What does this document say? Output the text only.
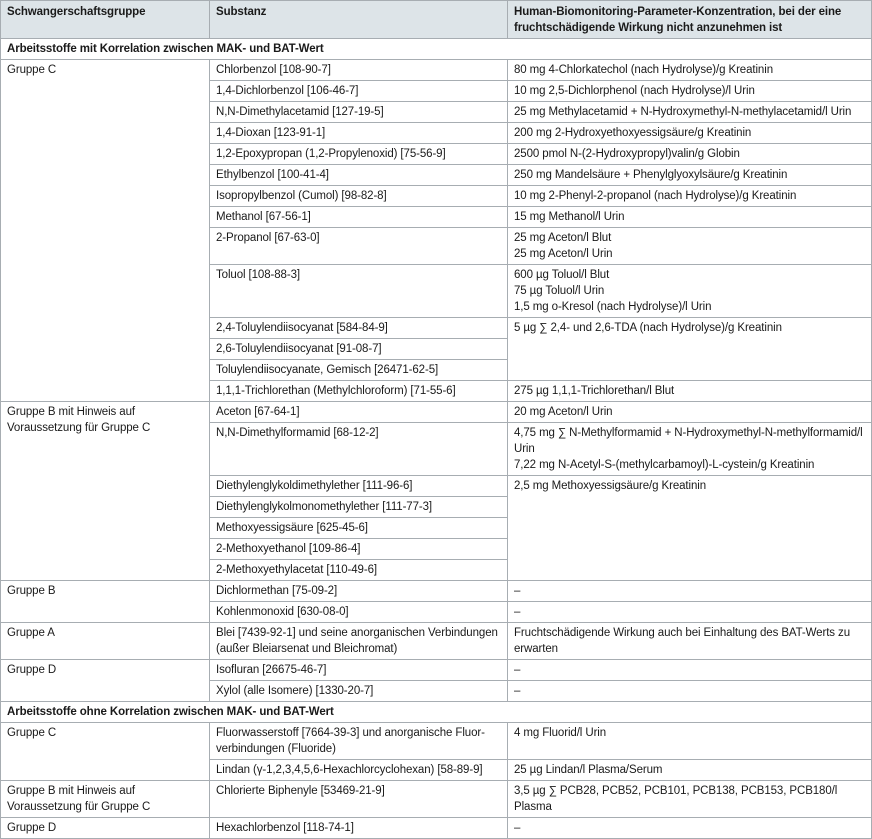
Schwangerschaftsgruppe	Substanz	Human-Biomonitoring-Parameter-Konzentration, bei der eine fruchtschädigende Wirkung nicht anzunehmen ist
Arbeitsstoffe mit Korrelation zwischen MAK- und BAT-Wert		
Gruppe C	Chlorbenzol [108-90-7]	80 mg 4-Chlorkatechol (nach Hydrolyse)/g Kreatinin
	1,4-Dichlorbenzol [106-46-7]	10 mg 2,5-Dichlorphenol (nach Hydrolyse)/l Urin
	N,N-Dimethylacetamid [127-19-5]	25 mg Methylacetamid + N-Hydroxymethyl-N-methylacetamid/l Urin
	1,4-Dioxan [123-91-1]	200 mg 2-Hydroxyethoxyessigsäure/g Kreatinin
	1,2-Epoxypropan (1,2-Propylenoxid) [75-56-9]	2500 pmol N-(2-Hydroxypropyl)valin/g Globin
	Ethylbenzol [100-41-4]	250 mg Mandelsäure + Phenylglyoxylsäure/g Kreatinin
	Isopropylbenzol (Cumol) [98-82-8]	10 mg 2-Phenyl-2-propanol (nach Hydrolyse)/g Kreatinin
	Methanol [67-56-1]	15 mg Methanol/l Urin
	2-Propanol [67-63-0]	25 mg Aceton/l Blut
25 mg Aceton/l Urin

	Toluol [108-88-3]	600 µg Toluol/l Blut
75 µg Toluol/l Urin
1,5 mg o-Kresol (nach Hydrolyse)/l Urin

	2,4-Toluylendiisocyanat [584-84-9]	5 µg ∑ 2,4- und 2,6-TDA (nach Hydrolyse)/g Kreatinin
	2,6-Toluylendiisocyanat [91-08-7]	
	Toluylendiisocyanate, Gemisch [26471-62-5]	
	1,1,1-Trichlorethan (Methylchloroform) [71-55-6]	275 µg 1,1,1-Trichlorethan/l Blut
Gruppe B mit Hinweis auf Voraussetzung für Gruppe C	Aceton [67-64-1]	20 mg Aceton/l Urin
	N,N-Dimethylformamid [68-12-2]	4,75 mg ∑ N-Methylformamid + N-Hydroxymethyl-N-methylformamid/l Urin
7,22 mg N-Acetyl-S-(methylcarbamoyl)-L-cystein/g Kreatinin

	Diethylenglykoldimethylether [111-96-6]	2,5 mg Methoxyessigsäure/g Kreatinin
	Diethylenglykolmonomethylether [111-77-3]	
	Methoxyessigsäure [625-45-6]	
	2-Methoxyethanol [109-86-4]	
	2-Methoxyethylacetat [110-49-6]	
Gruppe B	Dichlormethan [75-09-2]	–
	Kohlenmonoxid [630-08-0]	–
Gruppe A	Blei [7439-92-1] und seine anorganischen Verbindungen (außer Bleiarsenat und Bleichromat)	Fruchtschädigende Wirkung auch bei Einhaltung des BAT-Werts zu erwarten
Gruppe D	Isofluran [26675-46-7]	–
	Xylol (alle Isomere) [1330-20-7]	–
Arbeitsstoffe ohne Korrelation zwischen MAK- und BAT-Wert		
Gruppe C	Fluorwasserstoff [7664-39-3] und anorganische Fluor-verbindungen (Fluoride)	4 mg Fluorid/l Urin
	Lindan (γ-1,2,3,4,5,6-Hexachlorcyclohexan) [58-89-9]	25 µg Lindan/l Plasma/Serum
Gruppe B mit Hinweis auf Voraussetzung für Gruppe C	Chlorierte Biphenyle [53469-21-9]	3,5 µg ∑ PCB28, PCB52, PCB101, PCB138, PCB153, PCB180/l Plasma
Gruppe D	Hexachlorbenzol [118-74-1]	–
